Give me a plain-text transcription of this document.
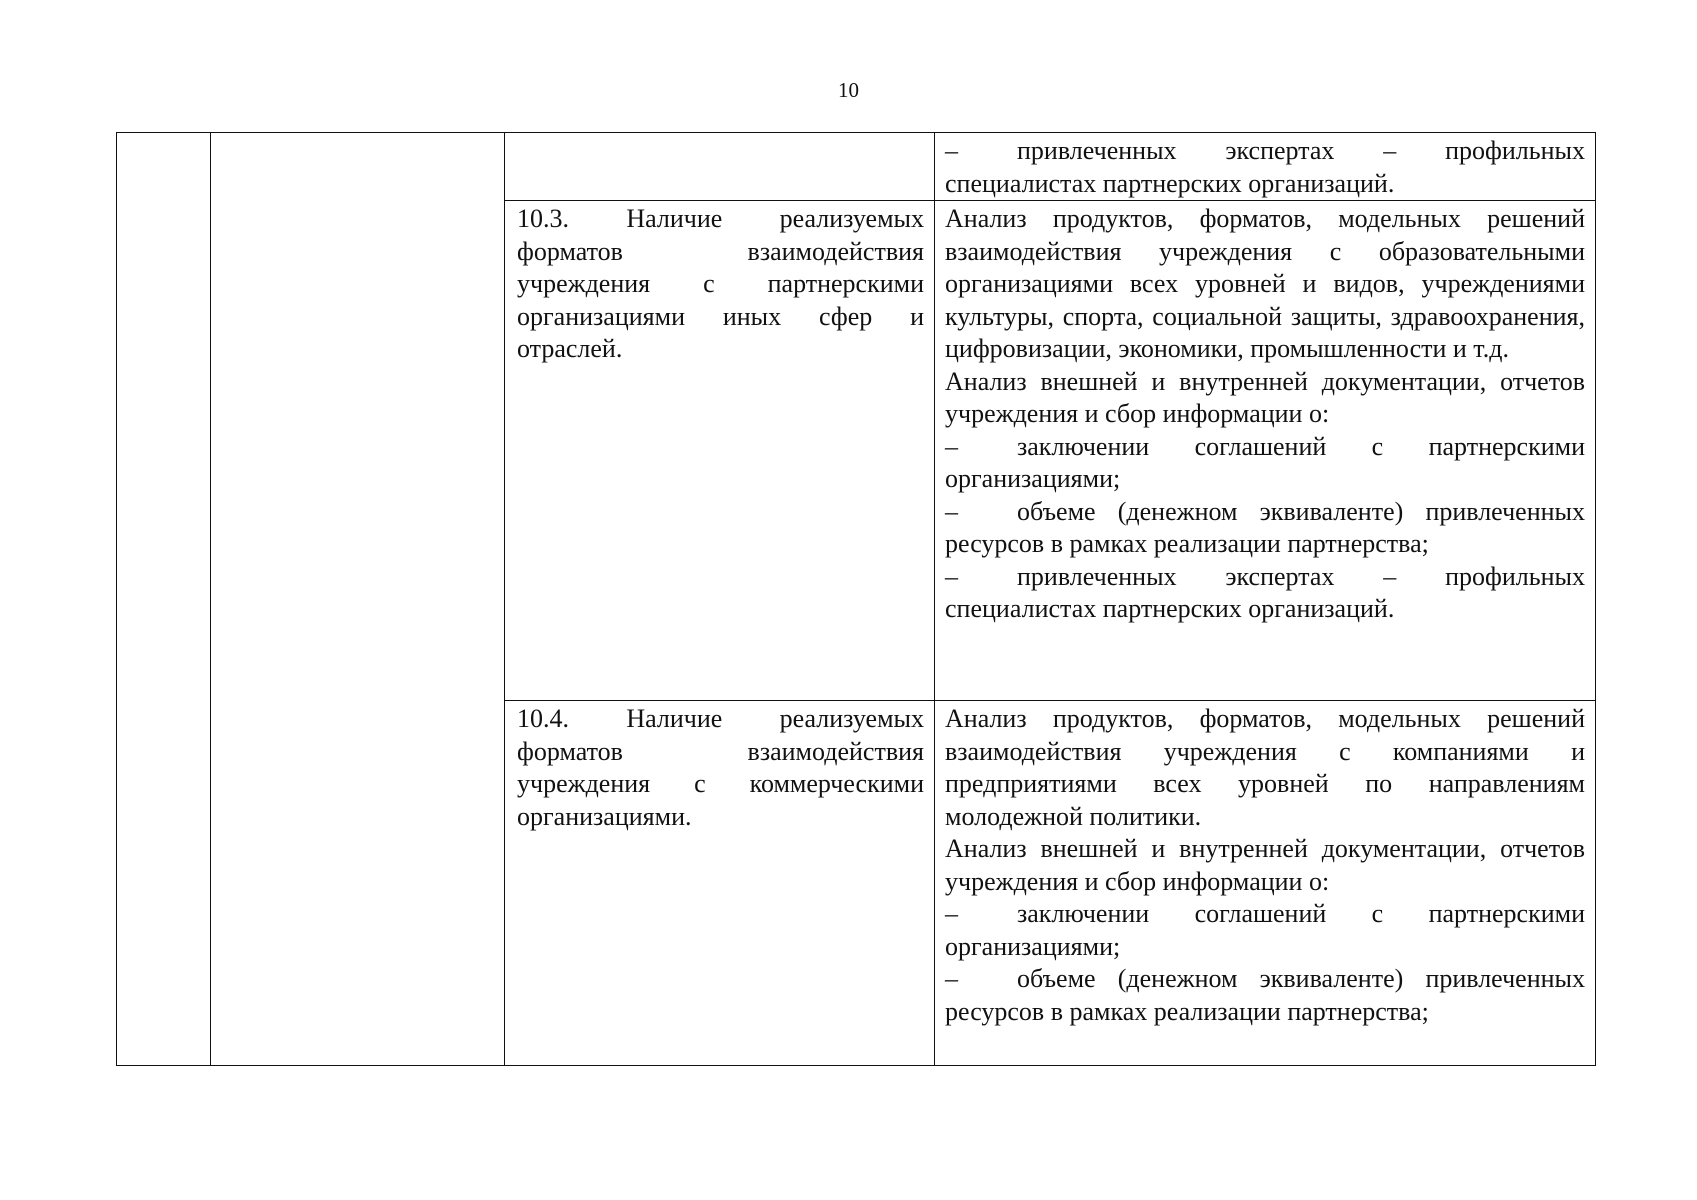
10

			– привлеченных экспертах – профильных специалистах партнерских организаций.

		10.3. Наличие реализуемых форматов взаимодействия учреждения с партнерскими организациями иных сфер и отраслей.	Анализ продуктов, форматов, модельных решений взаимодействия учреждения с образовательными организациями всех уровней и видов, учреждениями культуры, спорта, социальной защиты, здравоохранения, цифровизации, экономики, промышленности и т.д.

Анализ внешней и внутренней документации, отчетов учреждения и сбор информации о:

– заключении соглашений с партнерскими организациями;

– объеме (денежном эквиваленте) привлеченных ресурсов в рамках реализации партнерства;

– привлеченных экспертах – профильных специалистах партнерских организаций.

		10.4. Наличие реализуемых форматов взаимодействия учреждения с коммерческими организациями.	Анализ продуктов, форматов, модельных решений взаимодействия учреждения с компаниями и предприятиями всех уровней по направлениям молодежной политики.

Анализ внешней и внутренней документации, отчетов учреждения и сбор информации о:

– заключении соглашений с партнерскими организациями;

– объеме (денежном эквиваленте) привлеченных ресурсов в рамках реализации партнерства;
